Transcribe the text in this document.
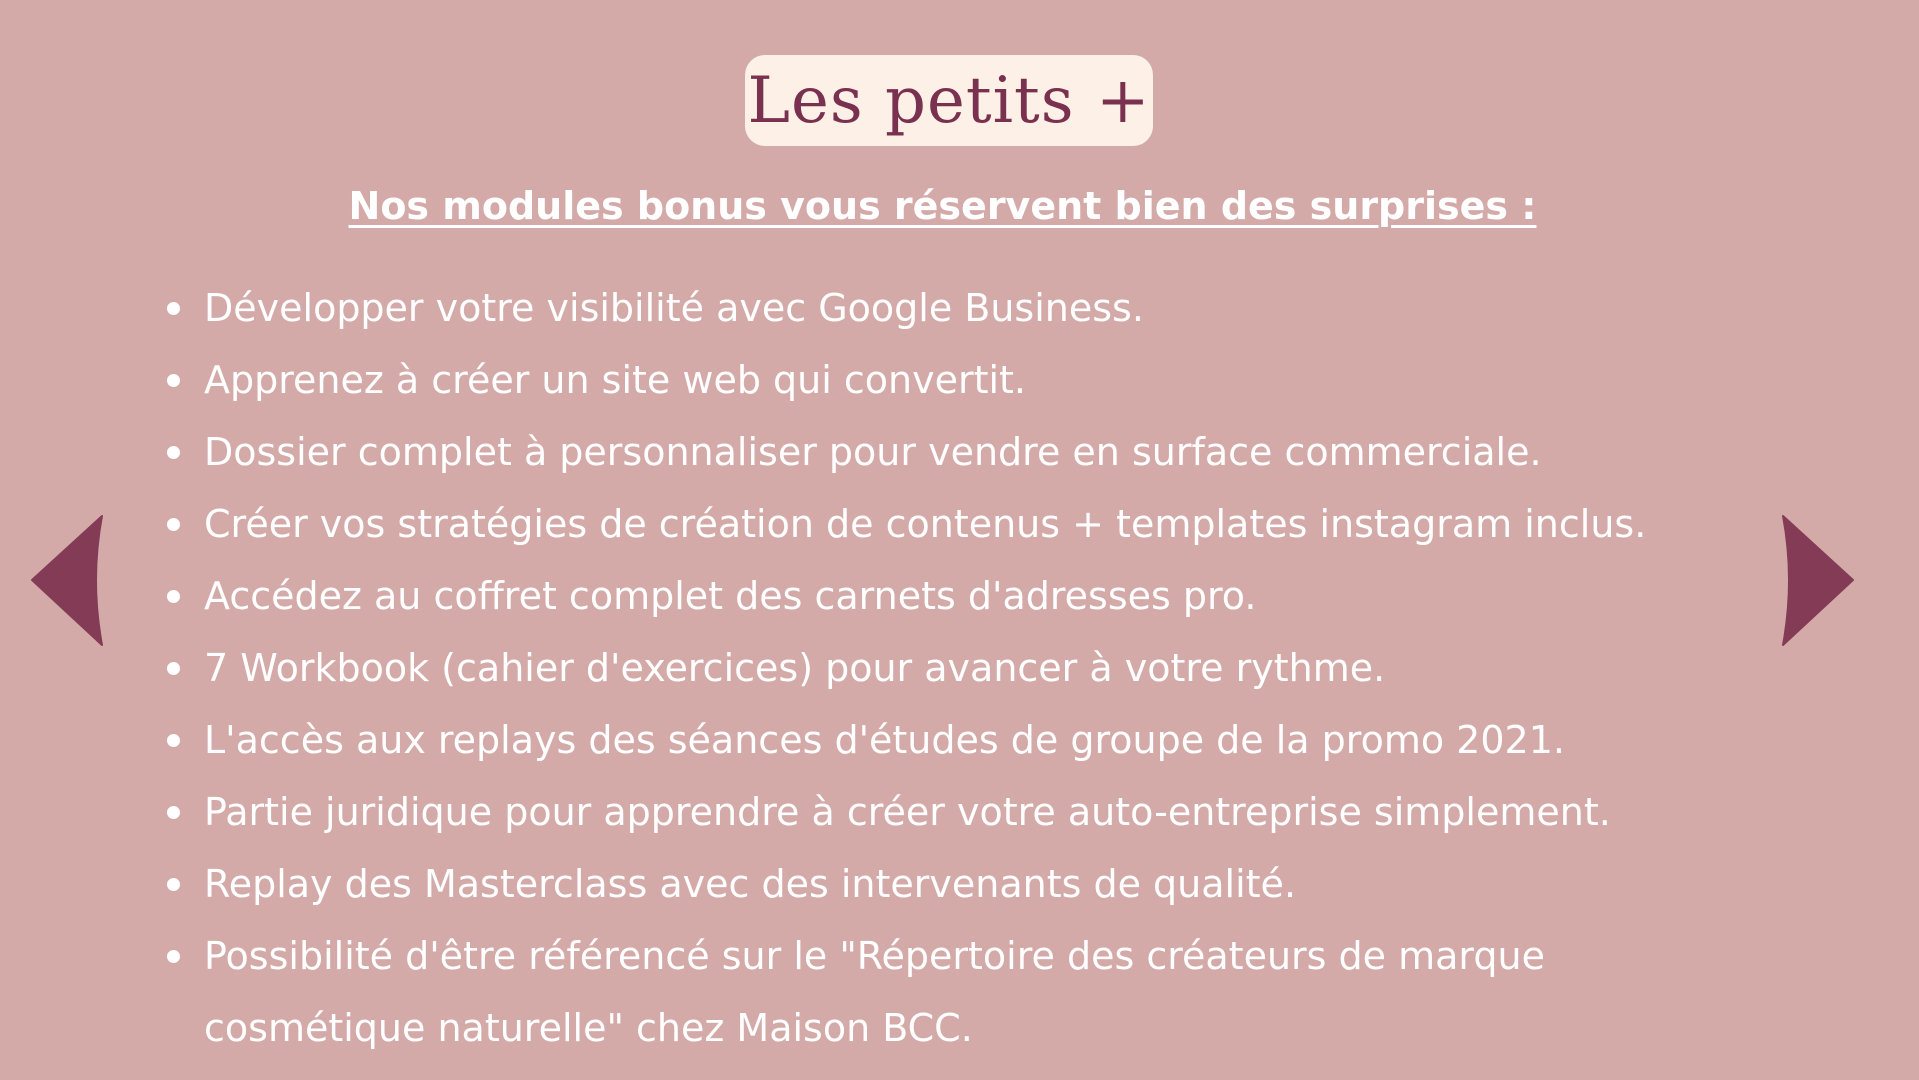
Les petits +
Nos modules bonus vous réservent bien des surprises :
Développer votre visibilité avec Google Business.
Apprenez à créer un site web qui convertit.
Dossier complet à personnaliser pour vendre en surface commerciale.
Créer vos stratégies de création de contenus + templates instagram inclus.
Accédez au coffret complet des carnets d'adresses pro.
7 Workbook (cahier d'exercices) pour avancer à votre rythme.
L'accès aux replays des séances d'études de groupe de la promo 2021.
Partie juridique pour apprendre à créer votre auto-entreprise simplement.
Replay des Masterclass avec des intervenants de qualité.
Possibilité d'être référencé sur le "Répertoire des créateurs de marque
cosmétique naturelle" chez Maison BCC.
